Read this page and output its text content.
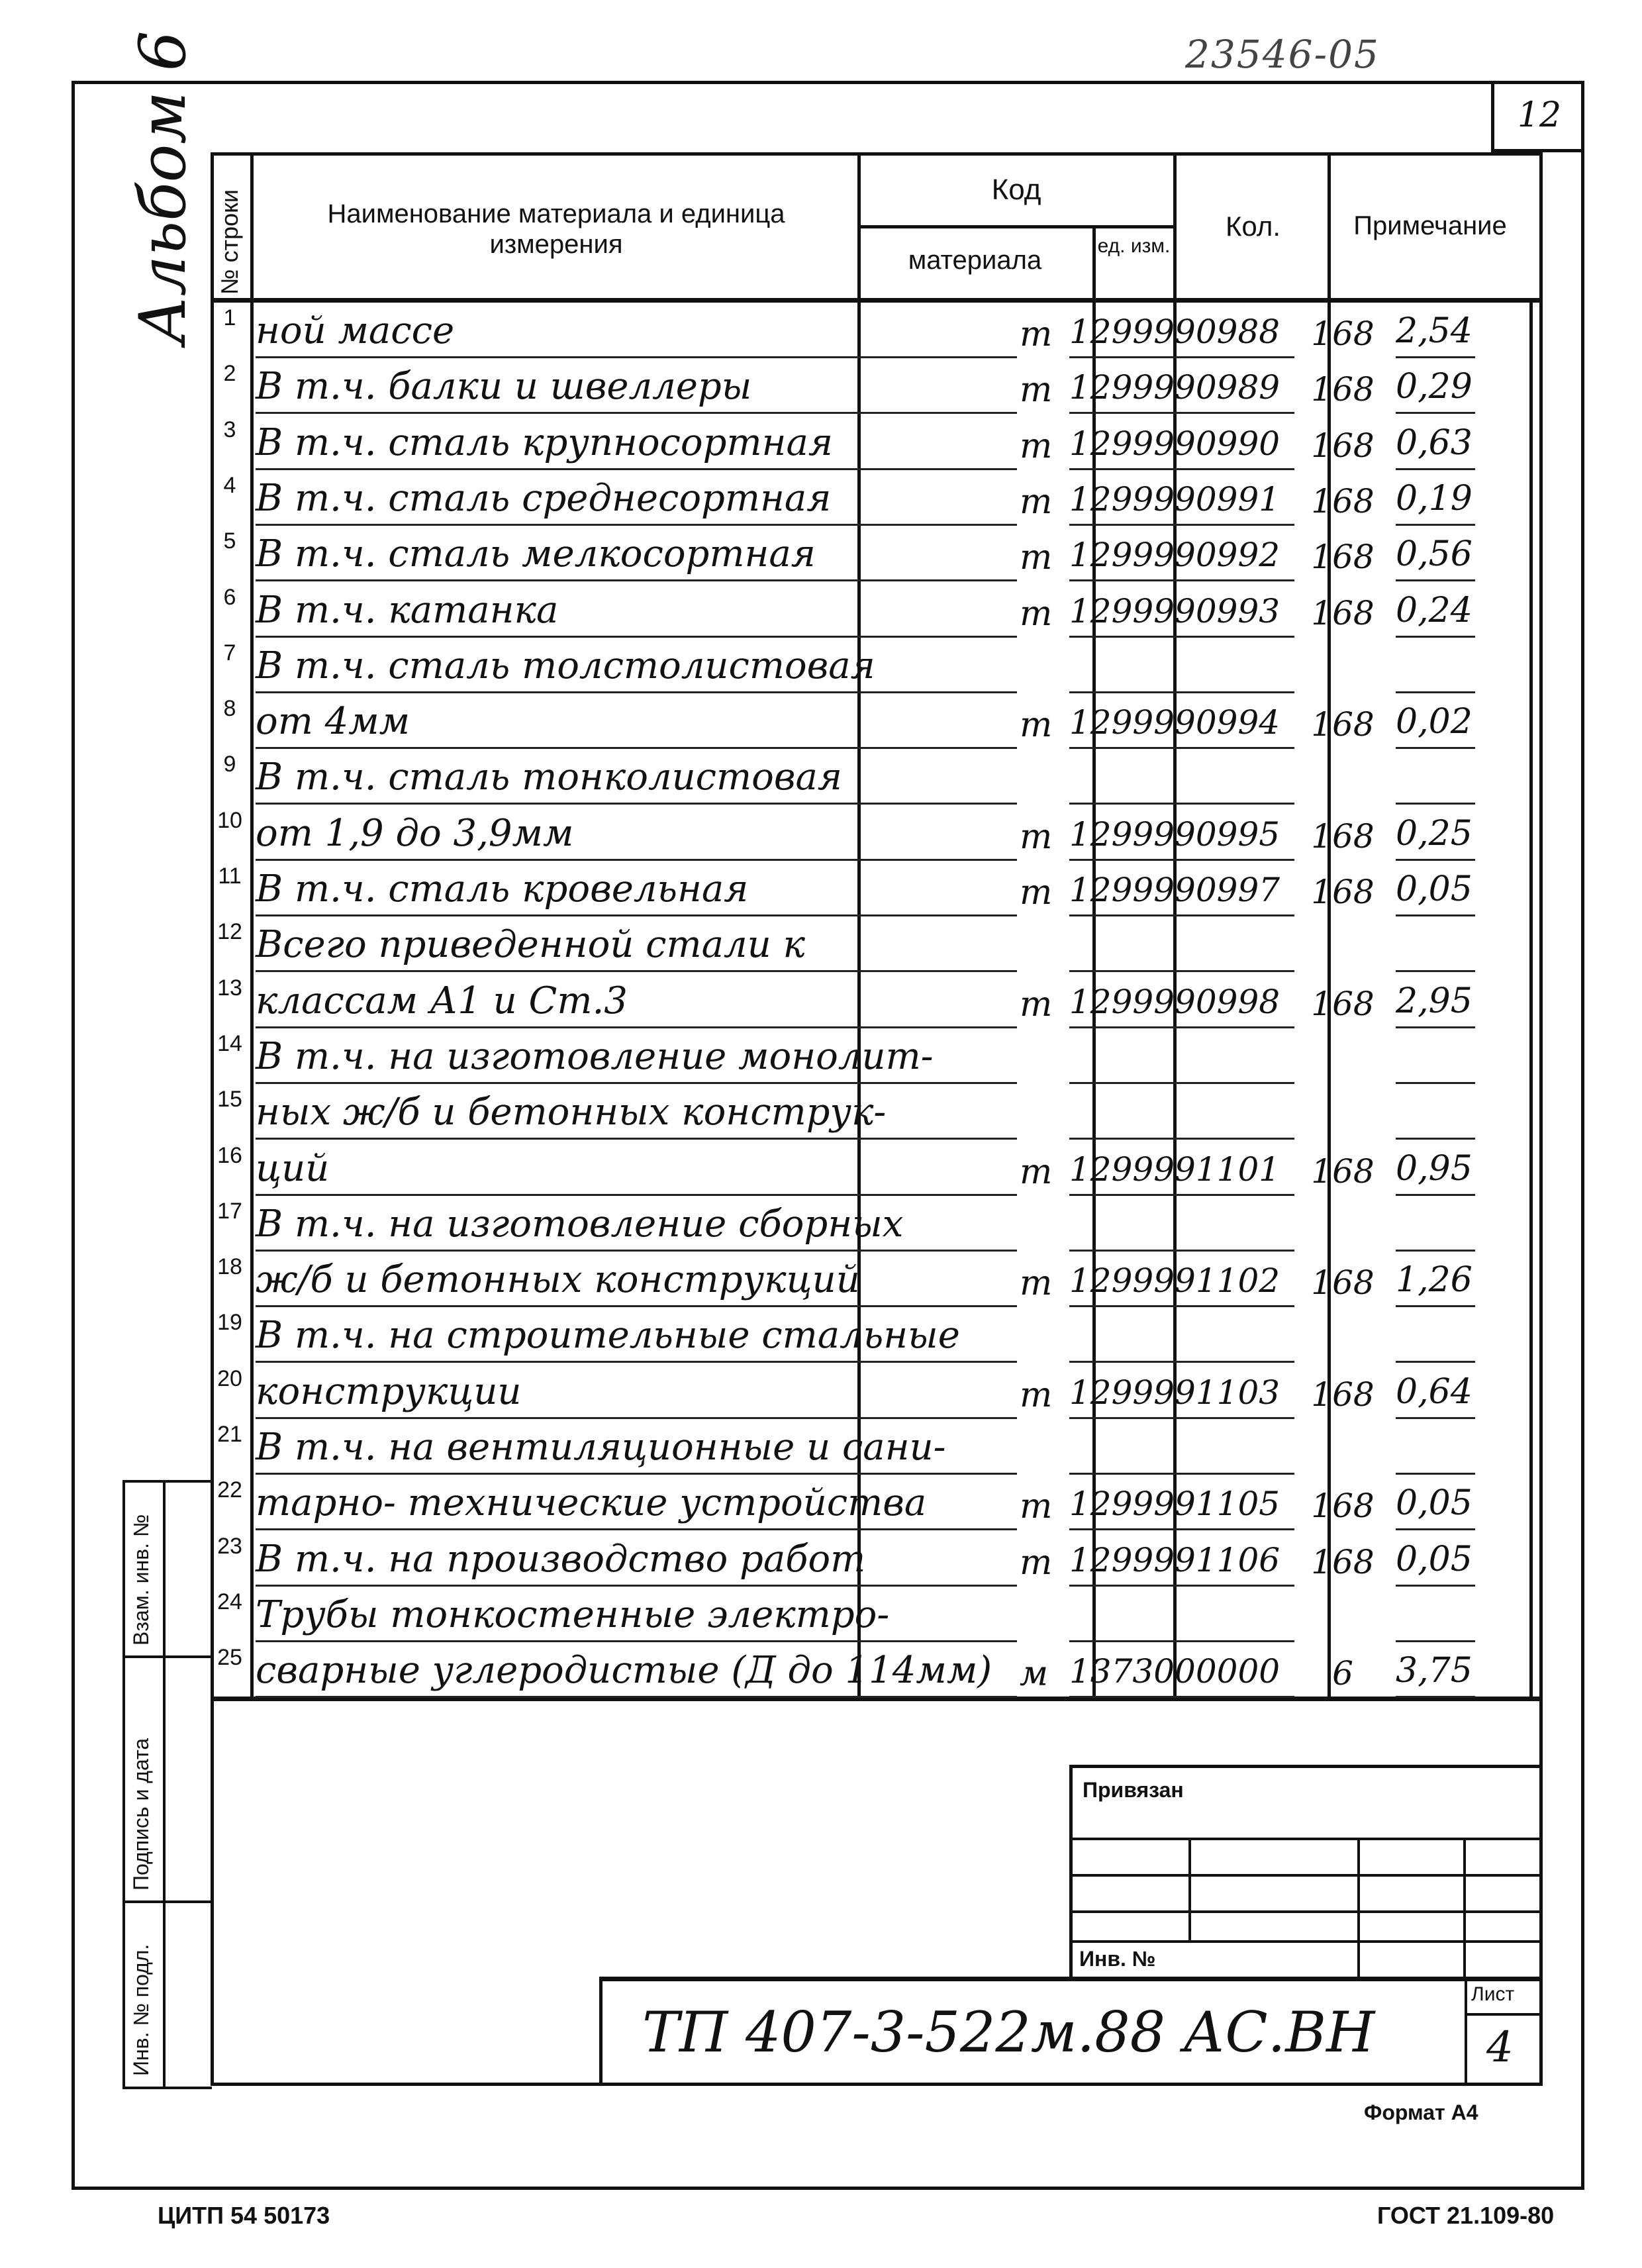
12
23546-05
Альбом 6 № строки	Наименование материала и единица измерения
Код
материала	ед. изм.
Кол.	Примечание
1 ной массе	т 1299990988 168 2,54
2 В т.ч. балки и швеллеры	т 1299990989 168 0,29
3 В т.ч. сталь крупносортная	т 1299990990 168 0,63
4 В т.ч. сталь среднесортная	т 1299990991 168 0,19
5 В т.ч. сталь мелкосортная	т 1299990992 168 0,56
6 В т.ч. катанка	т 1299990993 168 0,24
7 В т.ч. сталь толстолистовая
8 от 4мм	т 1299990994 168 0,02
9 В т.ч. сталь тонколистовая
10 от 1,9 до 3,9мм	т 1299990995 168 0,25
11 В т.ч. сталь кровельная	т 1299990997 168 0,05
12 Всего приведенной стали к
13 классам А1 и Ст.3	т 1299990998 168 2,95
14 В т.ч. на изготовление монолит-
15 ных ж/б и бетонных конструк-
16 ций	т 1299991101 168 0,95
17 В т.ч. на изготовление сборных
18 ж/б и бетонных конструкций	т 1299991102 168 1,26
19 В т.ч. на строительные стальные
20 конструкции	т 1299991103 168 0,64
21 В т.ч. на вентиляционные и сани-
22 тарно- технические устройства	т 1299991105 168 0,05
23 В т.ч. на производство работ	т 1299991106 168 0,05
24 Трубы тонкостенные электро-
25 сварные углеродистые (Д до 114мм) м 1373000000	6	3,75
Взам. инв. №
Подпись и дата
Инв. № подл.
Привязан
Инв. №
ТП 407-3-522м.88 АС.ВН
Лист
4
Формат А4
ЦИТП 54 50173	ГОСТ 21.109-80
